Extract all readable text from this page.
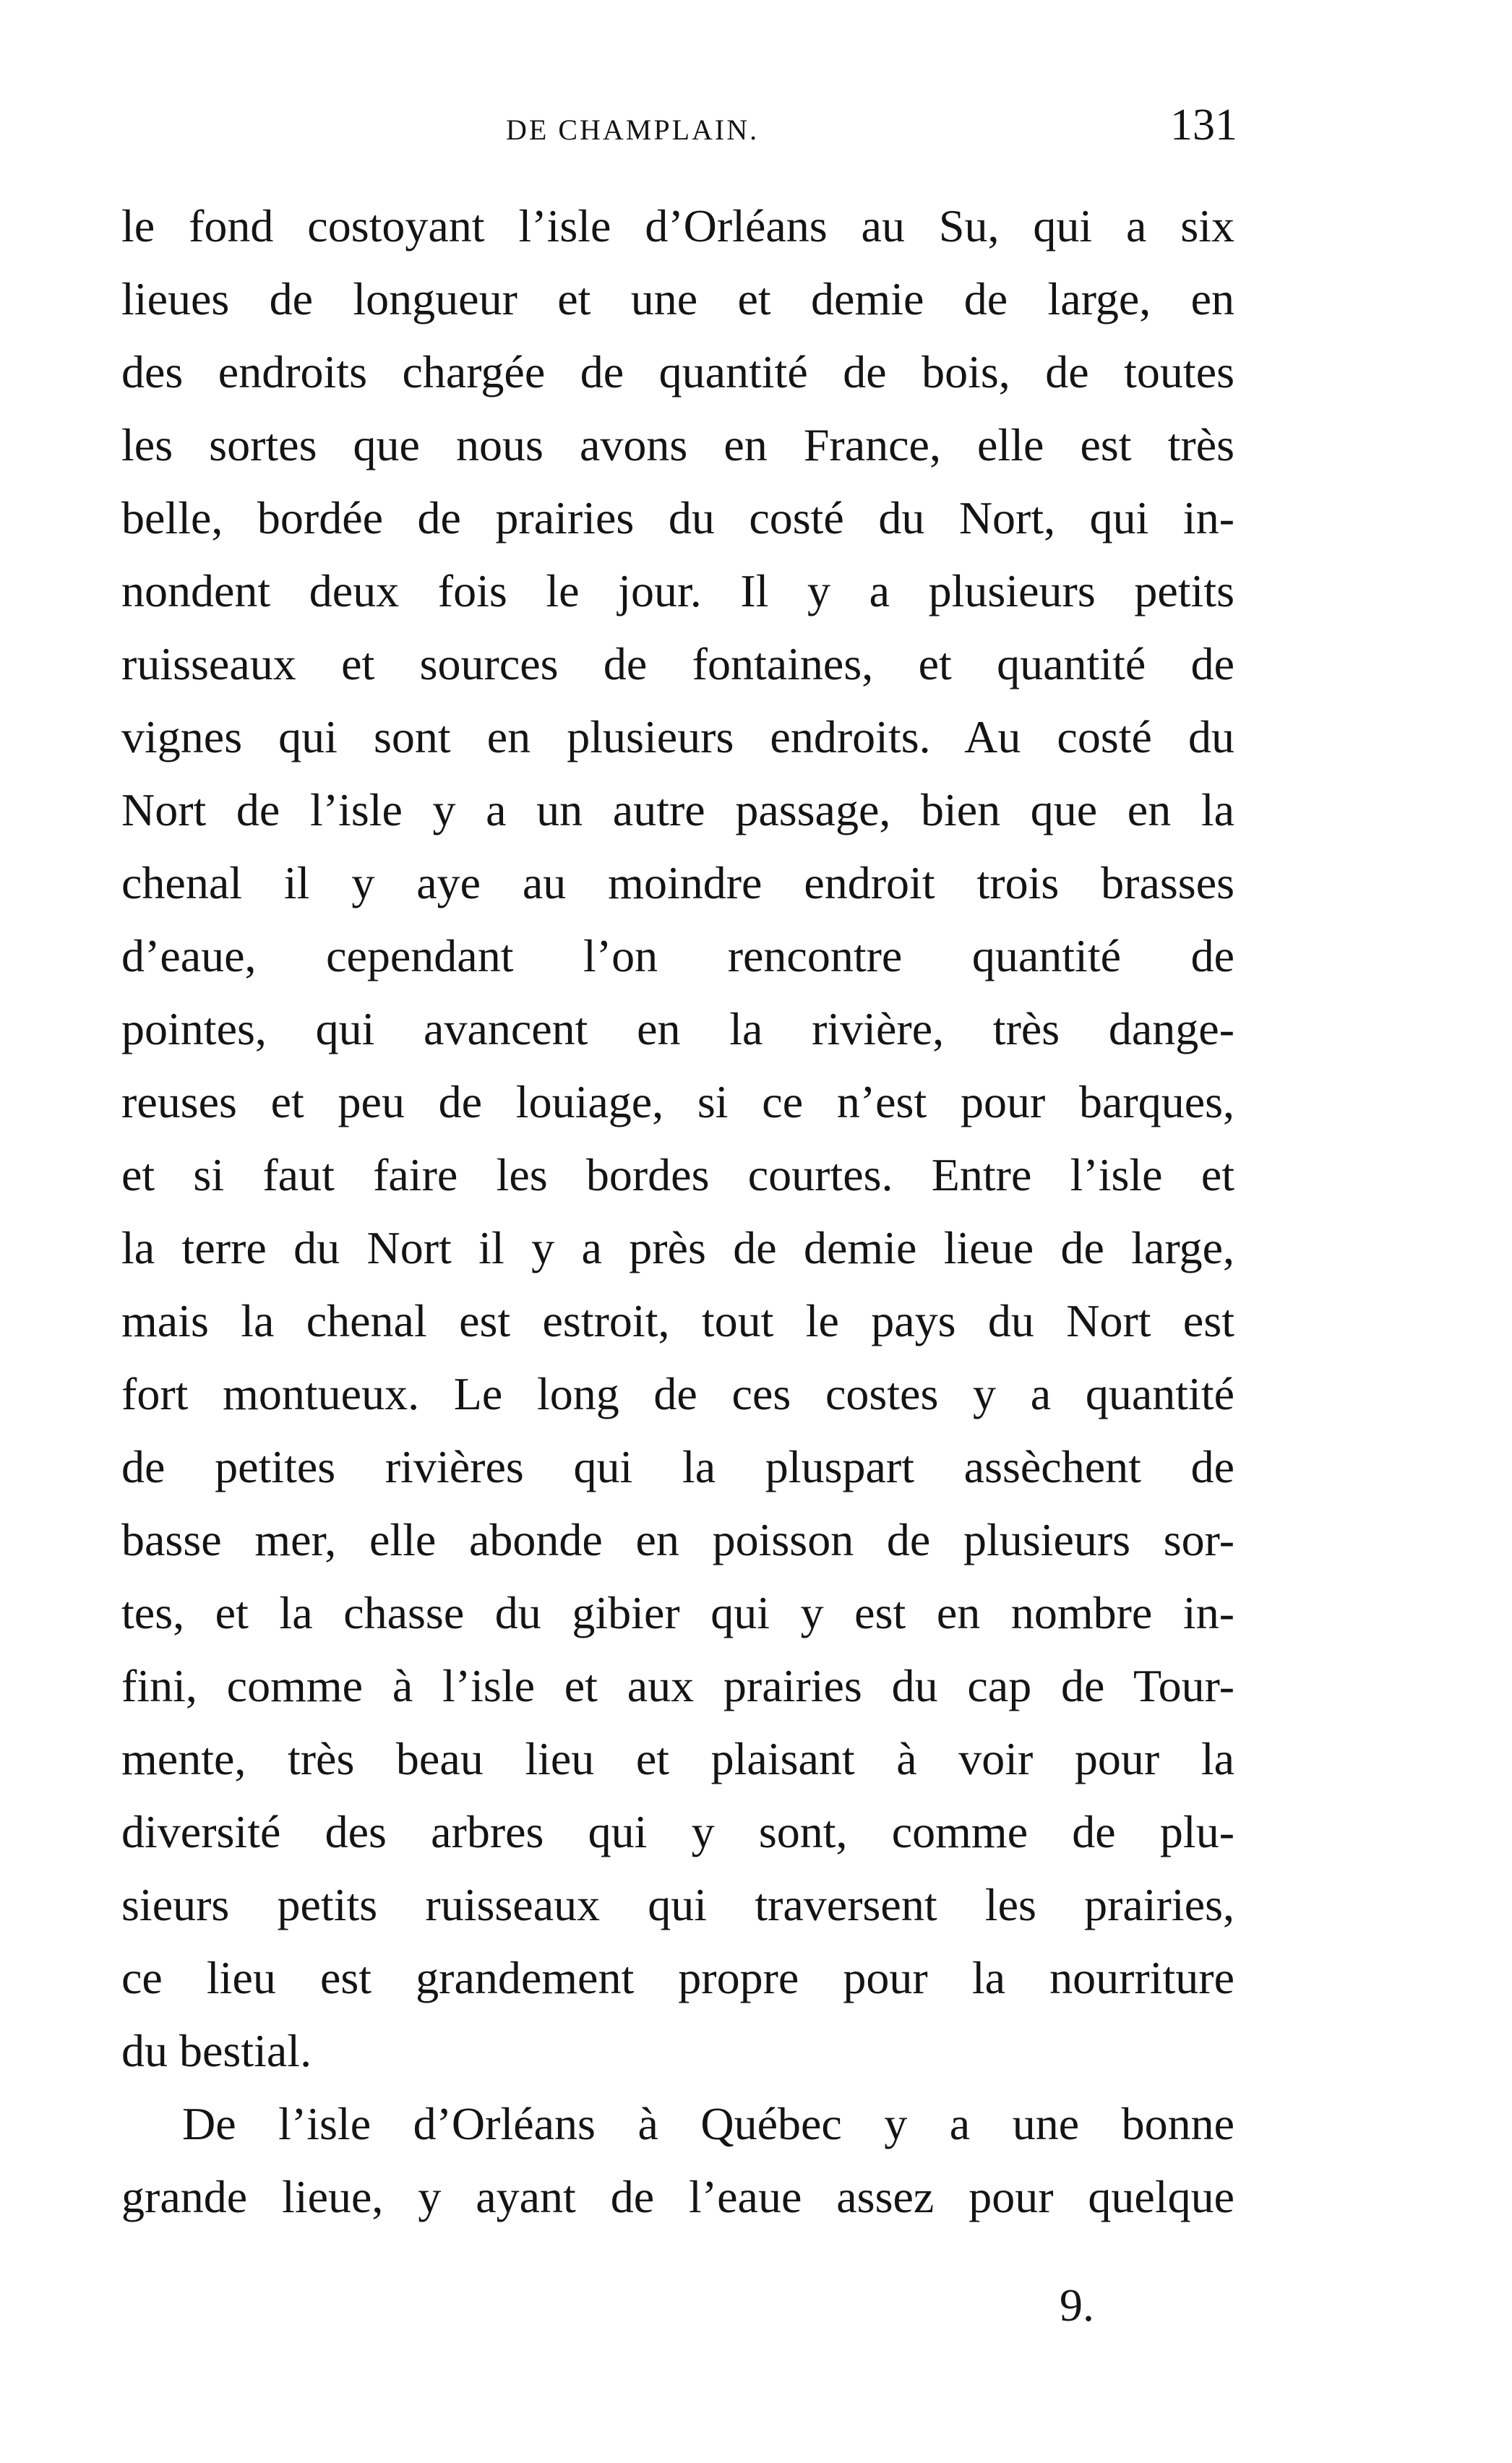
DE CHAMPLAIN.	131
le fond costoyant l’isle d’Orléans au Su, qui a six
lieues de longueur et une et demie de large, en
des endroits chargée de quantité de bois, de toutes
les sortes que nous avons en France, elle est très
belle, bordée de prairies du costé du Nort, qui in-
nondent deux fois le jour. Il y a plusieurs petits
ruisseaux et sources de fontaines, et quantité de
vignes qui sont en plusieurs endroits. Au costé du
Nort de l’isle y a un autre passage, bien que en la
chenal il y aye au moindre endroit trois brasses
d’eaue, cependant l’on rencontre quantité de
pointes, qui avancent en la rivière, très dange-
reuses et peu de louiage, si ce n’est pour barques,
et si faut faire les bordes courtes. Entre l’isle et
la terre du Nort il y a près de demie lieue de large,
mais la chenal est estroit, tout le pays du Nort est
fort montueux. Le long de ces costes y a quantité
de petites rivières qui la pluspart assèchent de
basse mer, elle abonde en poisson de plusieurs sor-
tes, et la chasse du gibier qui y est en nombre in-
fini, comme à l’isle et aux prairies du cap de Tour-
mente, très beau lieu et plaisant à voir pour la
diversité des arbres qui y sont, comme de plu-
sieurs petits ruisseaux qui traversent les prairies,
ce lieu est grandement propre pour la nourriture
du bestial.
De l’isle d’Orléans à Québec y a une bonne
grande lieue, y ayant de l’eaue assez pour quelque
9.
